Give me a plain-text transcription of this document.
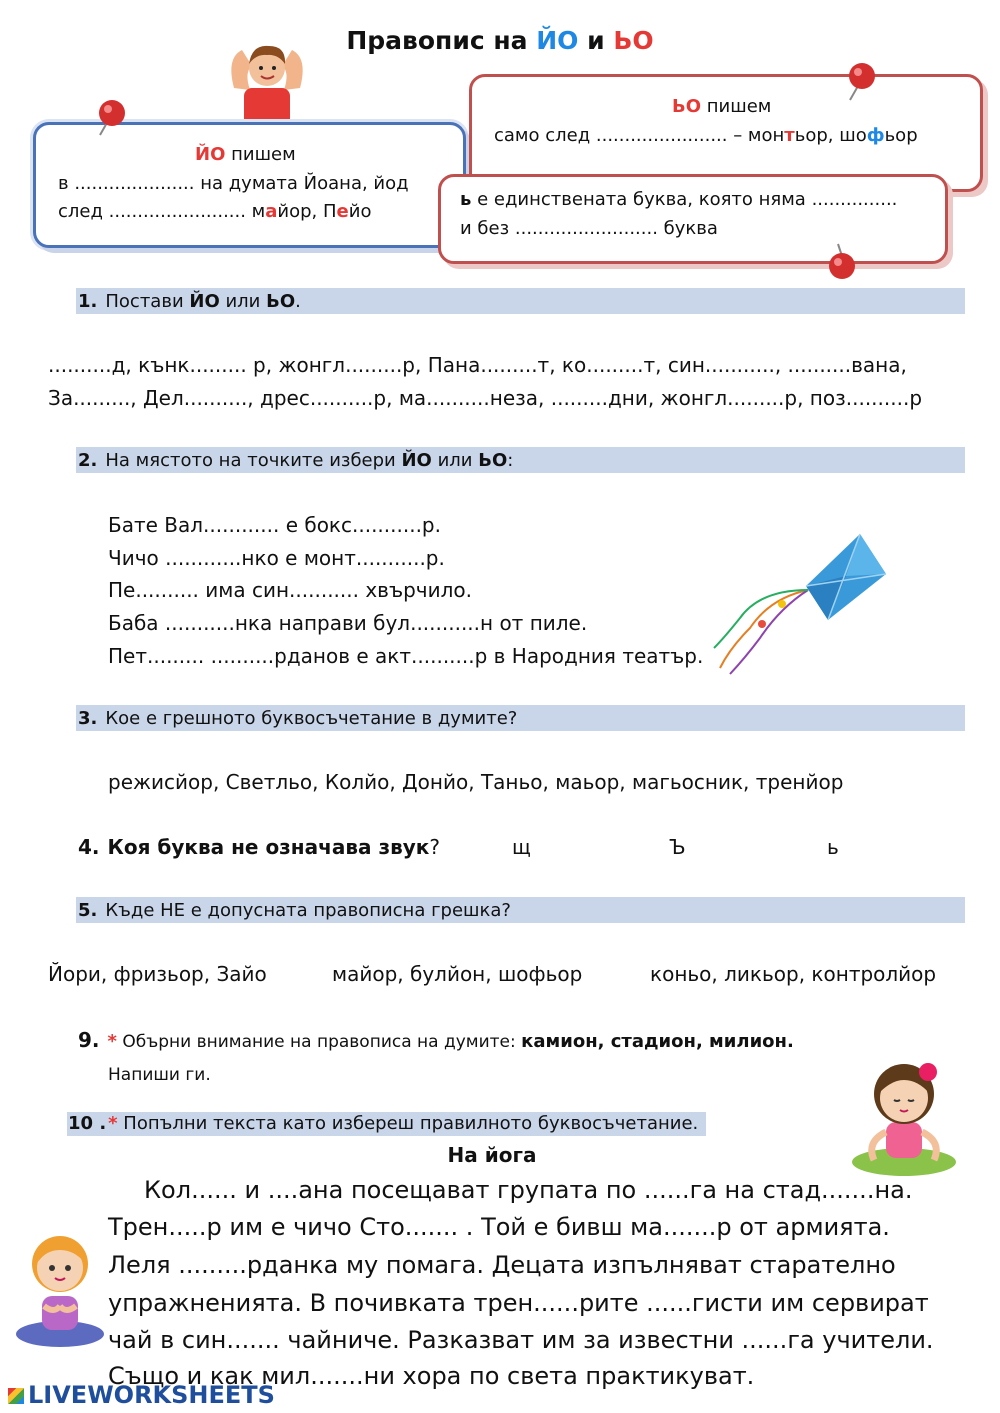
Правопис на ЙО и ЬО
ЙО пишем
в ..................... на думата Йоана, йод
след ........................ майор, Пейо
ЬО пишем
само след ....................... – монтьор, шофьор
ь е единствената буква, която няма ...............
и без ......................... буква
1. Постави ЙО или ЬО.
..........д, кънк......... р, жонгл.........р, Пана.........т, ко.........т, син..........., ..........вана,
За........., Дел.........., дрес..........р, ма..........неза, .........дни, жонгл.........р, поз..........р
2. На мястото на точките избери ЙО или ЬО:
Бате Вал............ е бокс...........р.
Чичо ............нко е монт...........р.
Пе.......... има син........... хвърчило.
Баба ...........нка направи бул...........н от пиле.
Пет......... ..........рданов е акт..........р в Народния театър.
3. Кое е грешното буквосъчетание в думите?
режисйор, Светльо, Колйо, Донйо, Таньо, маьор, магьосник, тренйор
4. Коя буква не означава звук?	щ	Ъ	ь
5. Къде НЕ е допусната правописна грешка?
Йори, фризьор, Зайо	майор, булйон, шофьор	коньо, ликьор, контролйор
9. * Обърни внимание на правописа на думите: камион, стадион, милион.
Напиши ги.
10 . * Попълни текста като избереш правилното буквосъчетание.
На йога
Кол...... и ....ана посещават групата по ......га на стад.......на.
Трен.....р им е чичо Сто....... . Той е бивш ма.......р от армията.
Леля .........рданка му помага. Децата изпълняват старателно
упражненията. В почивката трен......рите ......гисти им сервират
чай в син....... чайниче. Разказват им за известни ......га учители.
Също и как мил.......ни хора по света практикуват.
LIVEWORKSHEETS
